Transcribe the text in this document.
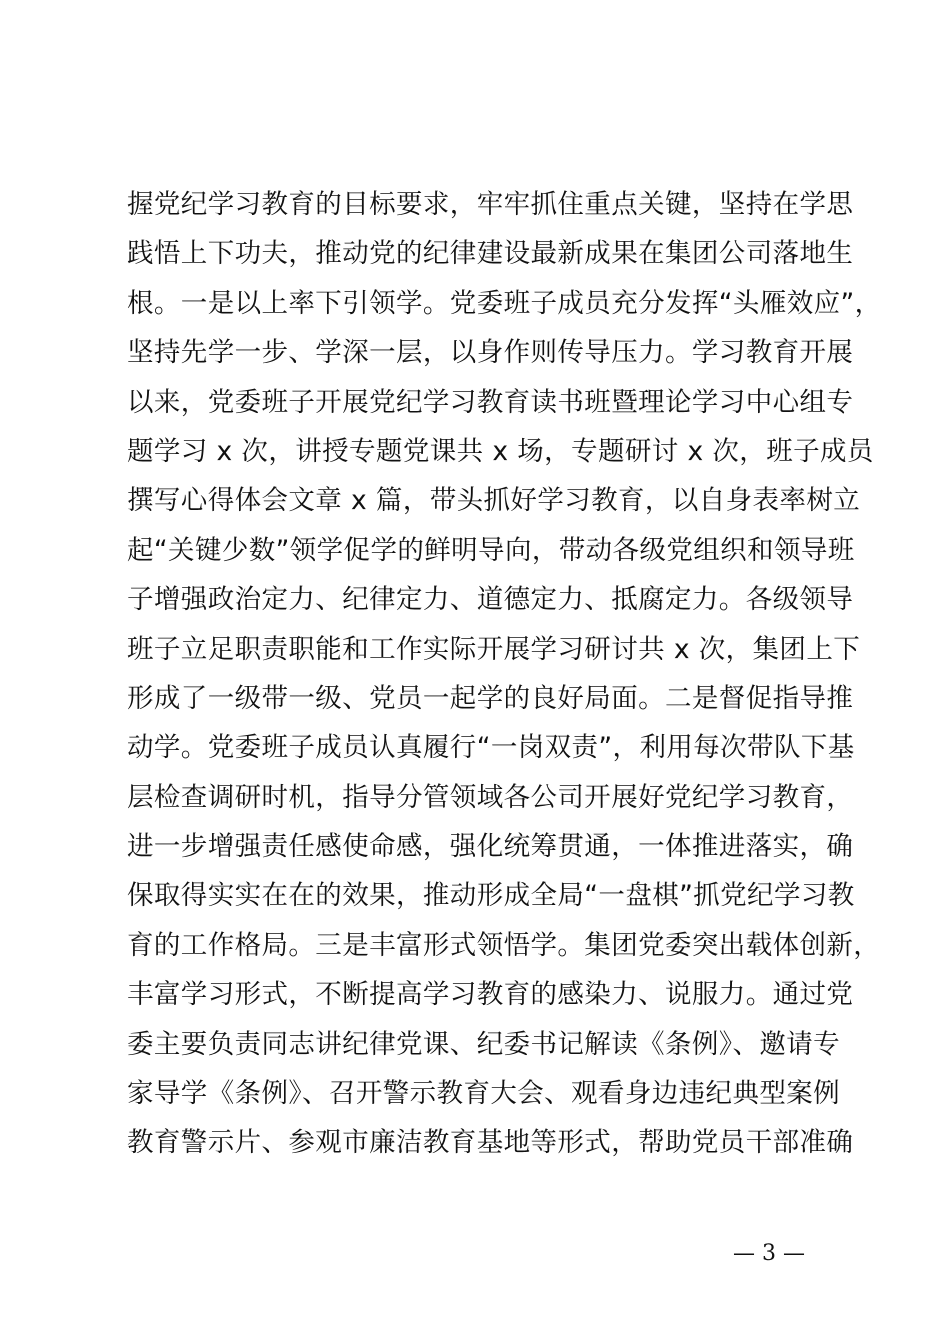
握党纪学习教育的目标要求，牢牢抓住重点关键，坚持在学思
践悟上下功夫，推动党的纪律建设最新成果在集团公司落地生
根。一是以上率下引领学。党委班子成员充分发挥“头雁效应”，
坚持先学一步、学深一层，以身作则传导压力。学习教育开展
以来，党委班子开展党纪学习教育读书班暨理论学习中心组专
题学习 x 次，讲授专题党课共 x 场，专题研讨 x 次，班子成员
撰写心得体会文章 x 篇，带头抓好学习教育，以自身表率树立
起“关键少数”领学促学的鲜明导向，带动各级党组织和领导班
子增强政治定力、纪律定力、道德定力、抵腐定力。各级领导
班子立足职责职能和工作实际开展学习研讨共 x 次，集团上下
形成了一级带一级、党员一起学的良好局面。二是督促指导推
动学。党委班子成员认真履行“一岗双责”，利用每次带队下基
层检查调研时机，指导分管领域各公司开展好党纪学习教育，
进一步增强责任感使命感，强化统筹贯通，一体推进落实，确
保取得实实在在的效果，推动形成全局“一盘棋”抓党纪学习教
育的工作格局。三是丰富形式领悟学。集团党委突出载体创新，
丰富学习形式，不断提高学习教育的感染力、说服力。通过党
委主要负责同志讲纪律党课、纪委书记解读《条例》、邀请专
家导学《条例》、召开警示教育大会、观看身边违纪典型案例
教育警示片、参观市廉洁教育基地等形式，帮助党员干部准确
— 3 —
